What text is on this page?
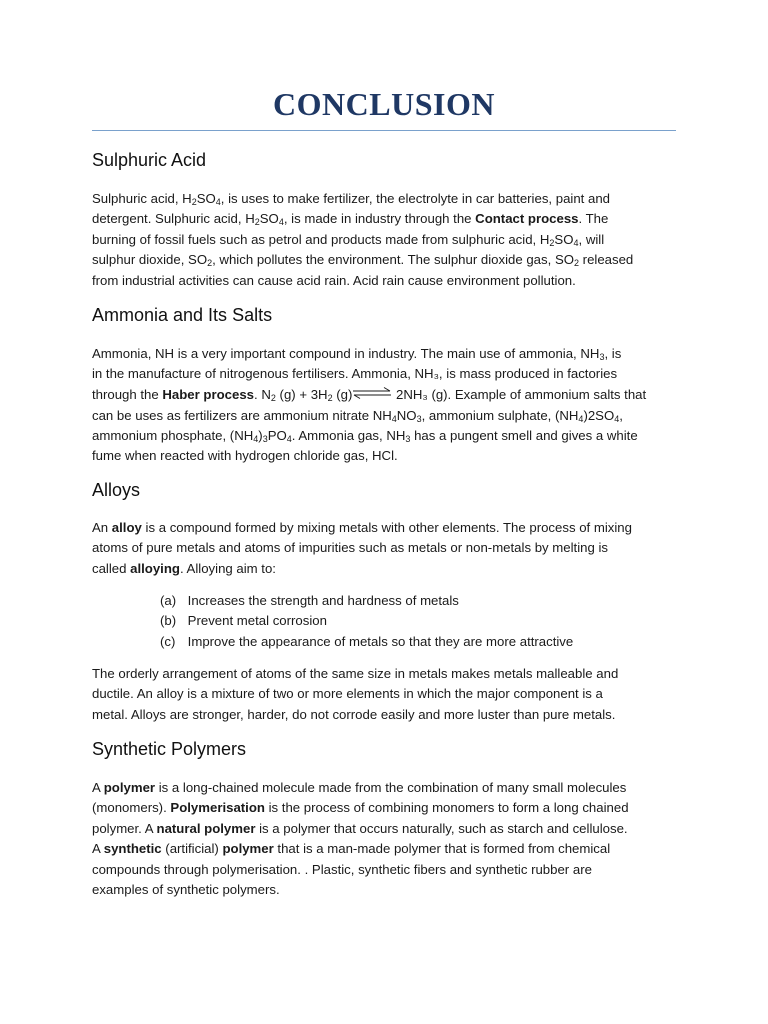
CONCLUSION
Sulphuric Acid

Sulphuric acid, $H_2SO_4$, is uses to make fertilizer, the electrolyte in car batteries, paint and
detergent. Sulphuric acid, $H_2SO_4$, is made in industry through the Contact process. The
burning of fossil fuels such as petrol and products made from sulphuric acid, $H_2SO_4$, will
sulphur dioxide, $SO_2$, which pollutes the environment. The sulphur dioxide gas, $SO_2$ released
from industrial activities can cause acid rain. Acid rain cause environment pollution.

Ammonia and Its Salts

Ammonia, NH is a very important compound in industry. The main use of ammonia, $NH_3$, is
in the manufacture of nitrogenous fertilisers. Ammonia, NH₃, is mass produced in factories
through the Haber process. $N_2$ $(g) + 3H_2$ (g)⇌ 2NH₃ (g). Example of ammonium salts that
can be uses as fertilizers are ammonium nitrate $NH_4NO_3$, ammonium sulphate, $(NH_4)2SO_4$,
ammonium phosphate, $(NH_4)_3PO_4$. Ammonia gas, $NH_3$ has a pungent smell and gives a white
fume when reacted with hydrogen chloride gas, HCl.

Alloys

An alloy is a compound formed by mixing metals with other elements. The process of mixing
atoms of pure metals and atoms of impurities such as metals or non-metals by melting is
called alloying. Alloying aim to:

(a) Increases the strength and hardness of metals
(b) Prevent metal corrosion
(c) Improve the appearance of metals so that they are more attractive

The orderly arrangement of atoms of the same size in metals makes metals malleable and
ductile. An alloy is a mixture of two or more elements in which the major component is a
metal. Alloys are stronger, harder, do not corrode easily and more luster than pure metals.

Synthetic Polymers

A polymer is a long-chained molecule made from the combination of many small molecules
(monomers). Polymerisation is the process of combining monomers to form a long chained
polymer. A natural polymer is a polymer that occurs naturally, such as starch and cellulose.
A synthetic (artificial) polymer that is a man-made polymer that is formed from chemical
compounds through polymerisation. . Plastic, synthetic fibers and synthetic rubber are
examples of synthetic polymers.
